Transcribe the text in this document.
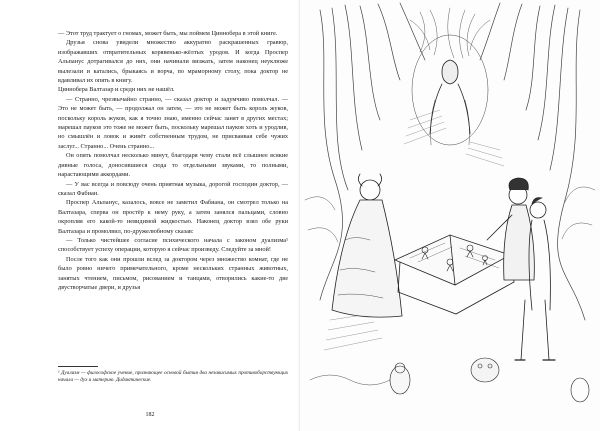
— Этот труд трактует о гномах, может быть, мы поймем Циннобера в этой книге.

Друзья снова увидели множество аккуратно раскрашенных гравюр, изображавших отвратительных корявенько-жёлтых уродов. И когда Проспер Альпанус дотрагивался до них, они начинали визжать, затем наконец неуклюже вылезали и катались, брыкаясь и ворча, по мраморному столу, пока доктор не вдавливал их опять в книгу.

Циннобера Валтазар и среди них не нашёл.

— Странно, чрезвычайно странно, — сказал доктор и задумчиво помолчал. — Это не может быть, — продолжал он затем, — это не может быть король жуков, поскольку король жуков, как я точно знаю, именно сейчас занят в других местах; марешал пауков это тоже не может быть, поскольку марешал пауков хоть и уродлив, но смышлён и ловок и живёт собственным трудом, не присваивая себе чужих заслуг... Странно... Очень странно...

Он опять помолчал несколько минут, благодаря чему стали всё слышнее всякие дивные голоса, доносившиеся сюда то отдельными звуками, то полными, нарастающими аккордами.

— У вас всегда и повсюду очень приятная музыка, дорогой господин доктор, — сказал Фабиан.

Проспер Альпанус, казалось, вовсе не заметил Фабиана, он смотрел только на Валтазара, сперва он простёр к нему руку, а затем занялся пальцами, словно окропляя его какой-то невидимой жидкостью. Наконец доктор взял обе руки Валтазара и промолвил, по-дружелюбному сказав:

— Только чистейшее согласие психического начала с законом дуализма¹ способствует успеху операции, которую я сейчас произведу. Следуйте за мной!

После того как они прошли вслед за доктором через множество комнат, где не было ровно ничего примечательного, кроме нескольких странных животных, занятых чтением, письмом, рисованием и танцами, отворились какие-то две двустворчатые двери, и друзья

¹ Дуализм — философское учение, признающее основой бытия два независимых противоборствующих начала — дух и материю. Дидактические.
182
